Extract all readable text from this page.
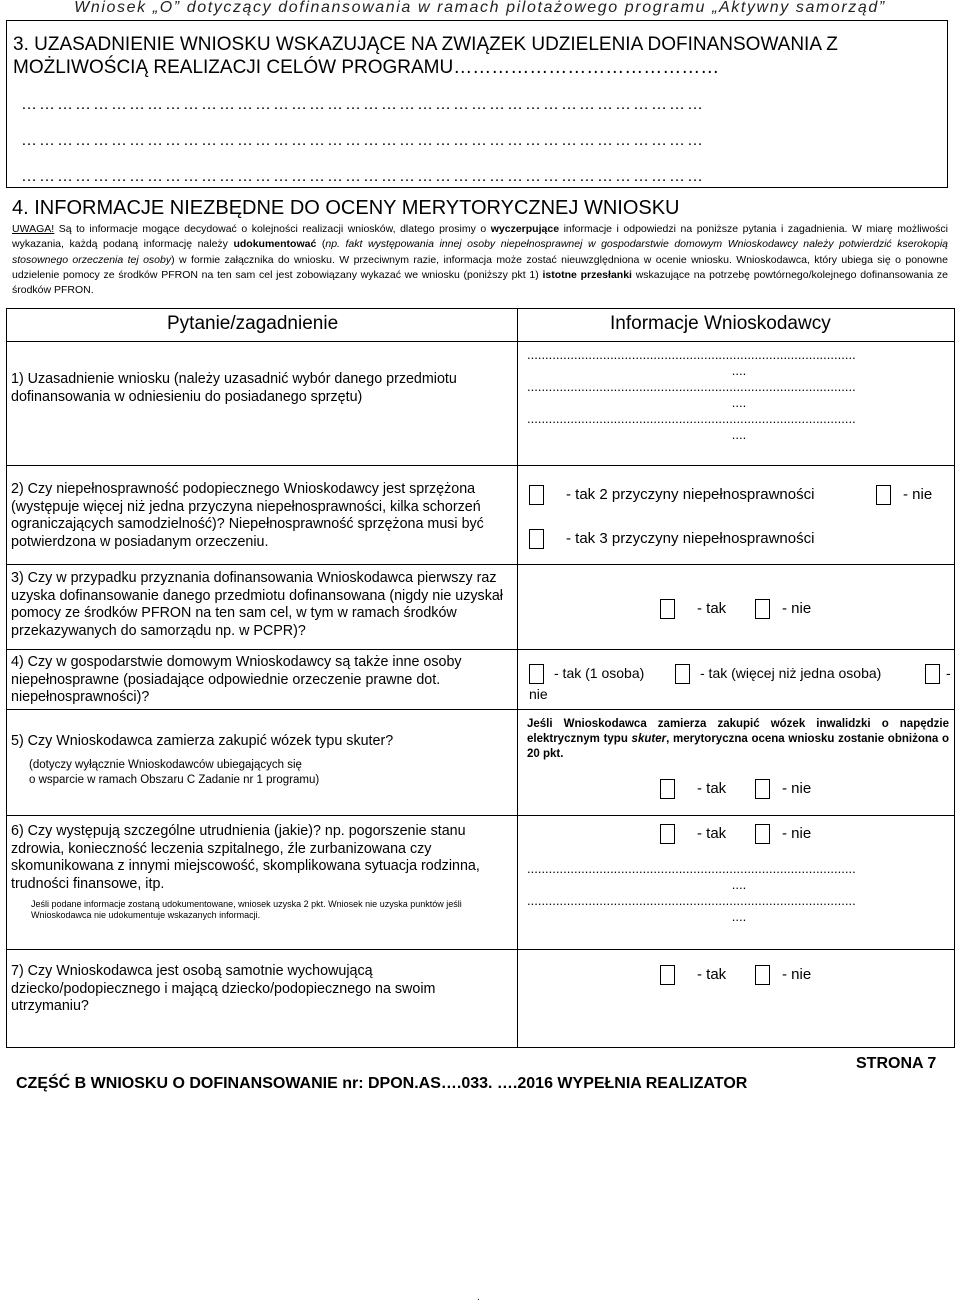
Wniosek „O” dotyczący dofinansowania w ramach pilotażowego programu „Aktywny samorząd”
3. UZASADNIENIE WNIOSKU WSKAZUJĄCE NA ZWIĄZEK UDZIELENIA DOFINANSOWANIA Z MOŻLIWOŚCIĄ REALIZACJI CELÓW PROGRAMU……………………………………
……………………………………………………………………………………………………
……………………………………………………………………………………………………
……………………………………………………………………………………………………
4. INFORMACJE NIEZBĘDNE DO OCENY MERYTORYCZNEJ WNIOSKU
UWAGA! Są to informacje mogące decydować o kolejności realizacji wniosków, dlatego prosimy o wyczerpujące informacje i odpowiedzi na poniższe pytania i zagadnienia. W miarę możliwości wykazania, każdą podaną informację należy udokumentować (np. fakt występowania innej osoby niepełnosprawnej w gospodarstwie domowym Wnioskodawcy należy potwierdzić kserokopią stosownego orzeczenia tej osoby) w formie załącznika do wniosku. W przeciwnym razie, informacja może zostać nieuwzględniona w ocenie wniosku. Wnioskodawca, który ubiega się o ponowne udzielenie pomocy ze środków PFRON na ten sam cel jest zobowiązany wykazać we wniosku (poniższy pkt 1) istotne przesłanki wskazujące na potrzebę powtórnego/kolejnego dofinansowania ze środków PFRON.
Pytanie/zagadnienie	Informacje Wnioskodawcy
1) Uzasadnienie wniosku (należy uzasadnić wybór danego przedmiotu dofinansowania w odniesieniu do posiadanego sprzętu)
...........................................................................................
....
...........................................................................................
....
...........................................................................................
....
2) Czy niepełnosprawność podopiecznego Wnioskodawcy jest sprzężona (występuje więcej niż jedna przyczyna niepełnosprawności, kilka schorzeń ograniczających samodzielność)? Niepełnosprawność sprzężona musi być potwierdzona w posiadanym orzeczeniu.
- tak 2 przyczyny niepełnosprawności	- nie
- tak 3 przyczyny niepełnosprawności
3) Czy w przypadku przyznania dofinansowania Wnioskodawca pierwszy raz uzyska dofinansowanie danego przedmiotu dofinansowana (nigdy nie uzyskał pomocy ze środków PFRON na ten sam cel, w tym w ramach środków przekazywanych do samorządu np. w PCPR)?
- tak	- nie
4) Czy w gospodarstwie domowym Wnioskodawcy są także inne osoby niepełnosprawne (posiadające odpowiednie orzeczenie prawne dot. niepełnosprawności)?
- tak (1 osoba)	- tak (więcej niż jedna osoba)	-
nie
5) Czy Wnioskodawca zamierza zakupić wózek typu skuter?
(dotyczy wyłącznie Wnioskodawców ubiegających się
o wsparcie w ramach Obszaru C Zadanie nr 1 programu)
Jeśli Wnioskodawca zamierza zakupić wózek inwalidzki o napędzie elektrycznym typu skuter, merytoryczna ocena wniosku zostanie obniżona o 20 pkt.
- tak	- nie
6) Czy występują szczególne utrudnienia (jakie)? np. pogorszenie stanu zdrowia, konieczność leczenia szpitalnego, źle zurbanizowana czy skomunikowana z innymi miejscowość, skomplikowana sytuacja rodzinna, trudności finansowe, itp.
Jeśli podane informacje zostaną udokumentowane, wniosek uzyska 2 pkt. Wniosek nie uzyska punktów jeśli Wnioskodawca nie udokumentuje wskazanych informacji.
- tak	- nie
...........................................................................................
....
...........................................................................................
....
7) Czy Wnioskodawca jest osobą samotnie wychowującą dziecko/podopiecznego i mającą dziecko/podopiecznego na swoim utrzymaniu?
- tak	- nie
STRONA 7
CZĘŚĆ B WNIOSKU O DOFINANSOWANIE nr: DPON.AS….033. ….2016 WYPEŁNIA REALIZATOR
.
